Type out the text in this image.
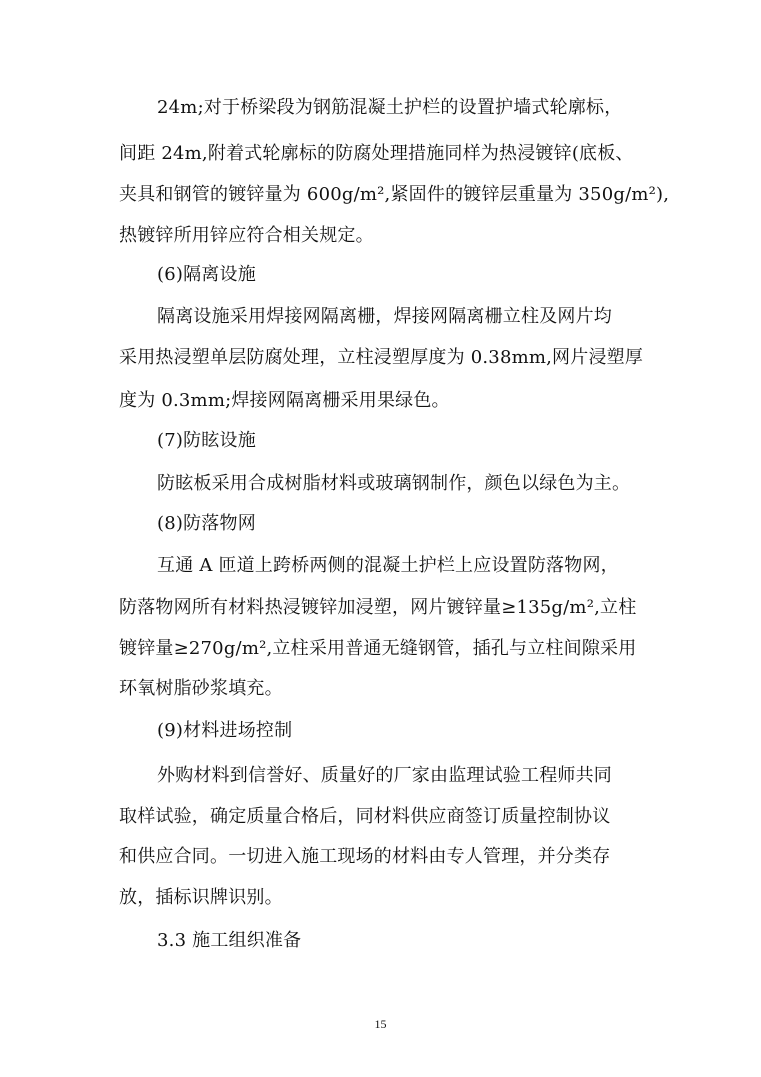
24m;对于桥梁段为钢筋混凝土护栏的设置护墙式轮廓标，
间距 24m,附着式轮廓标的防腐处理措施同样为热浸镀锌(底板、
夹具和钢管的镀锌量为 600g/m²,紧固件的镀锌层重量为 350g/m²),
热镀锌所用锌应符合相关规定。
(6)隔离设施
隔离设施采用焊接网隔离栅，焊接网隔离栅立柱及网片均
采用热浸塑单层防腐处理，立柱浸塑厚度为 0.38mm,网片浸塑厚
度为 0.3mm;焊接网隔离栅采用果绿色。
(7)防眩设施
防眩板采用合成树脂材料或玻璃钢制作，颜色以绿色为主。
(8)防落物网
互通 A 匝道上跨桥两侧的混凝土护栏上应设置防落物网，
防落物网所有材料热浸镀锌加浸塑，网片镀锌量≥135g/m²,立柱
镀锌量≥270g/m²,立柱采用普通无缝钢管，插孔与立柱间隙采用
环氧树脂砂浆填充。
(9)材料进场控制
外购材料到信誉好、质量好的厂家由监理试验工程师共同
取样试验，确定质量合格后，同材料供应商签订质量控制协议
和供应合同。一切进入施工现场的材料由专人管理，并分类存
放，插标识牌识别。
3.3 施工组织准备
15
